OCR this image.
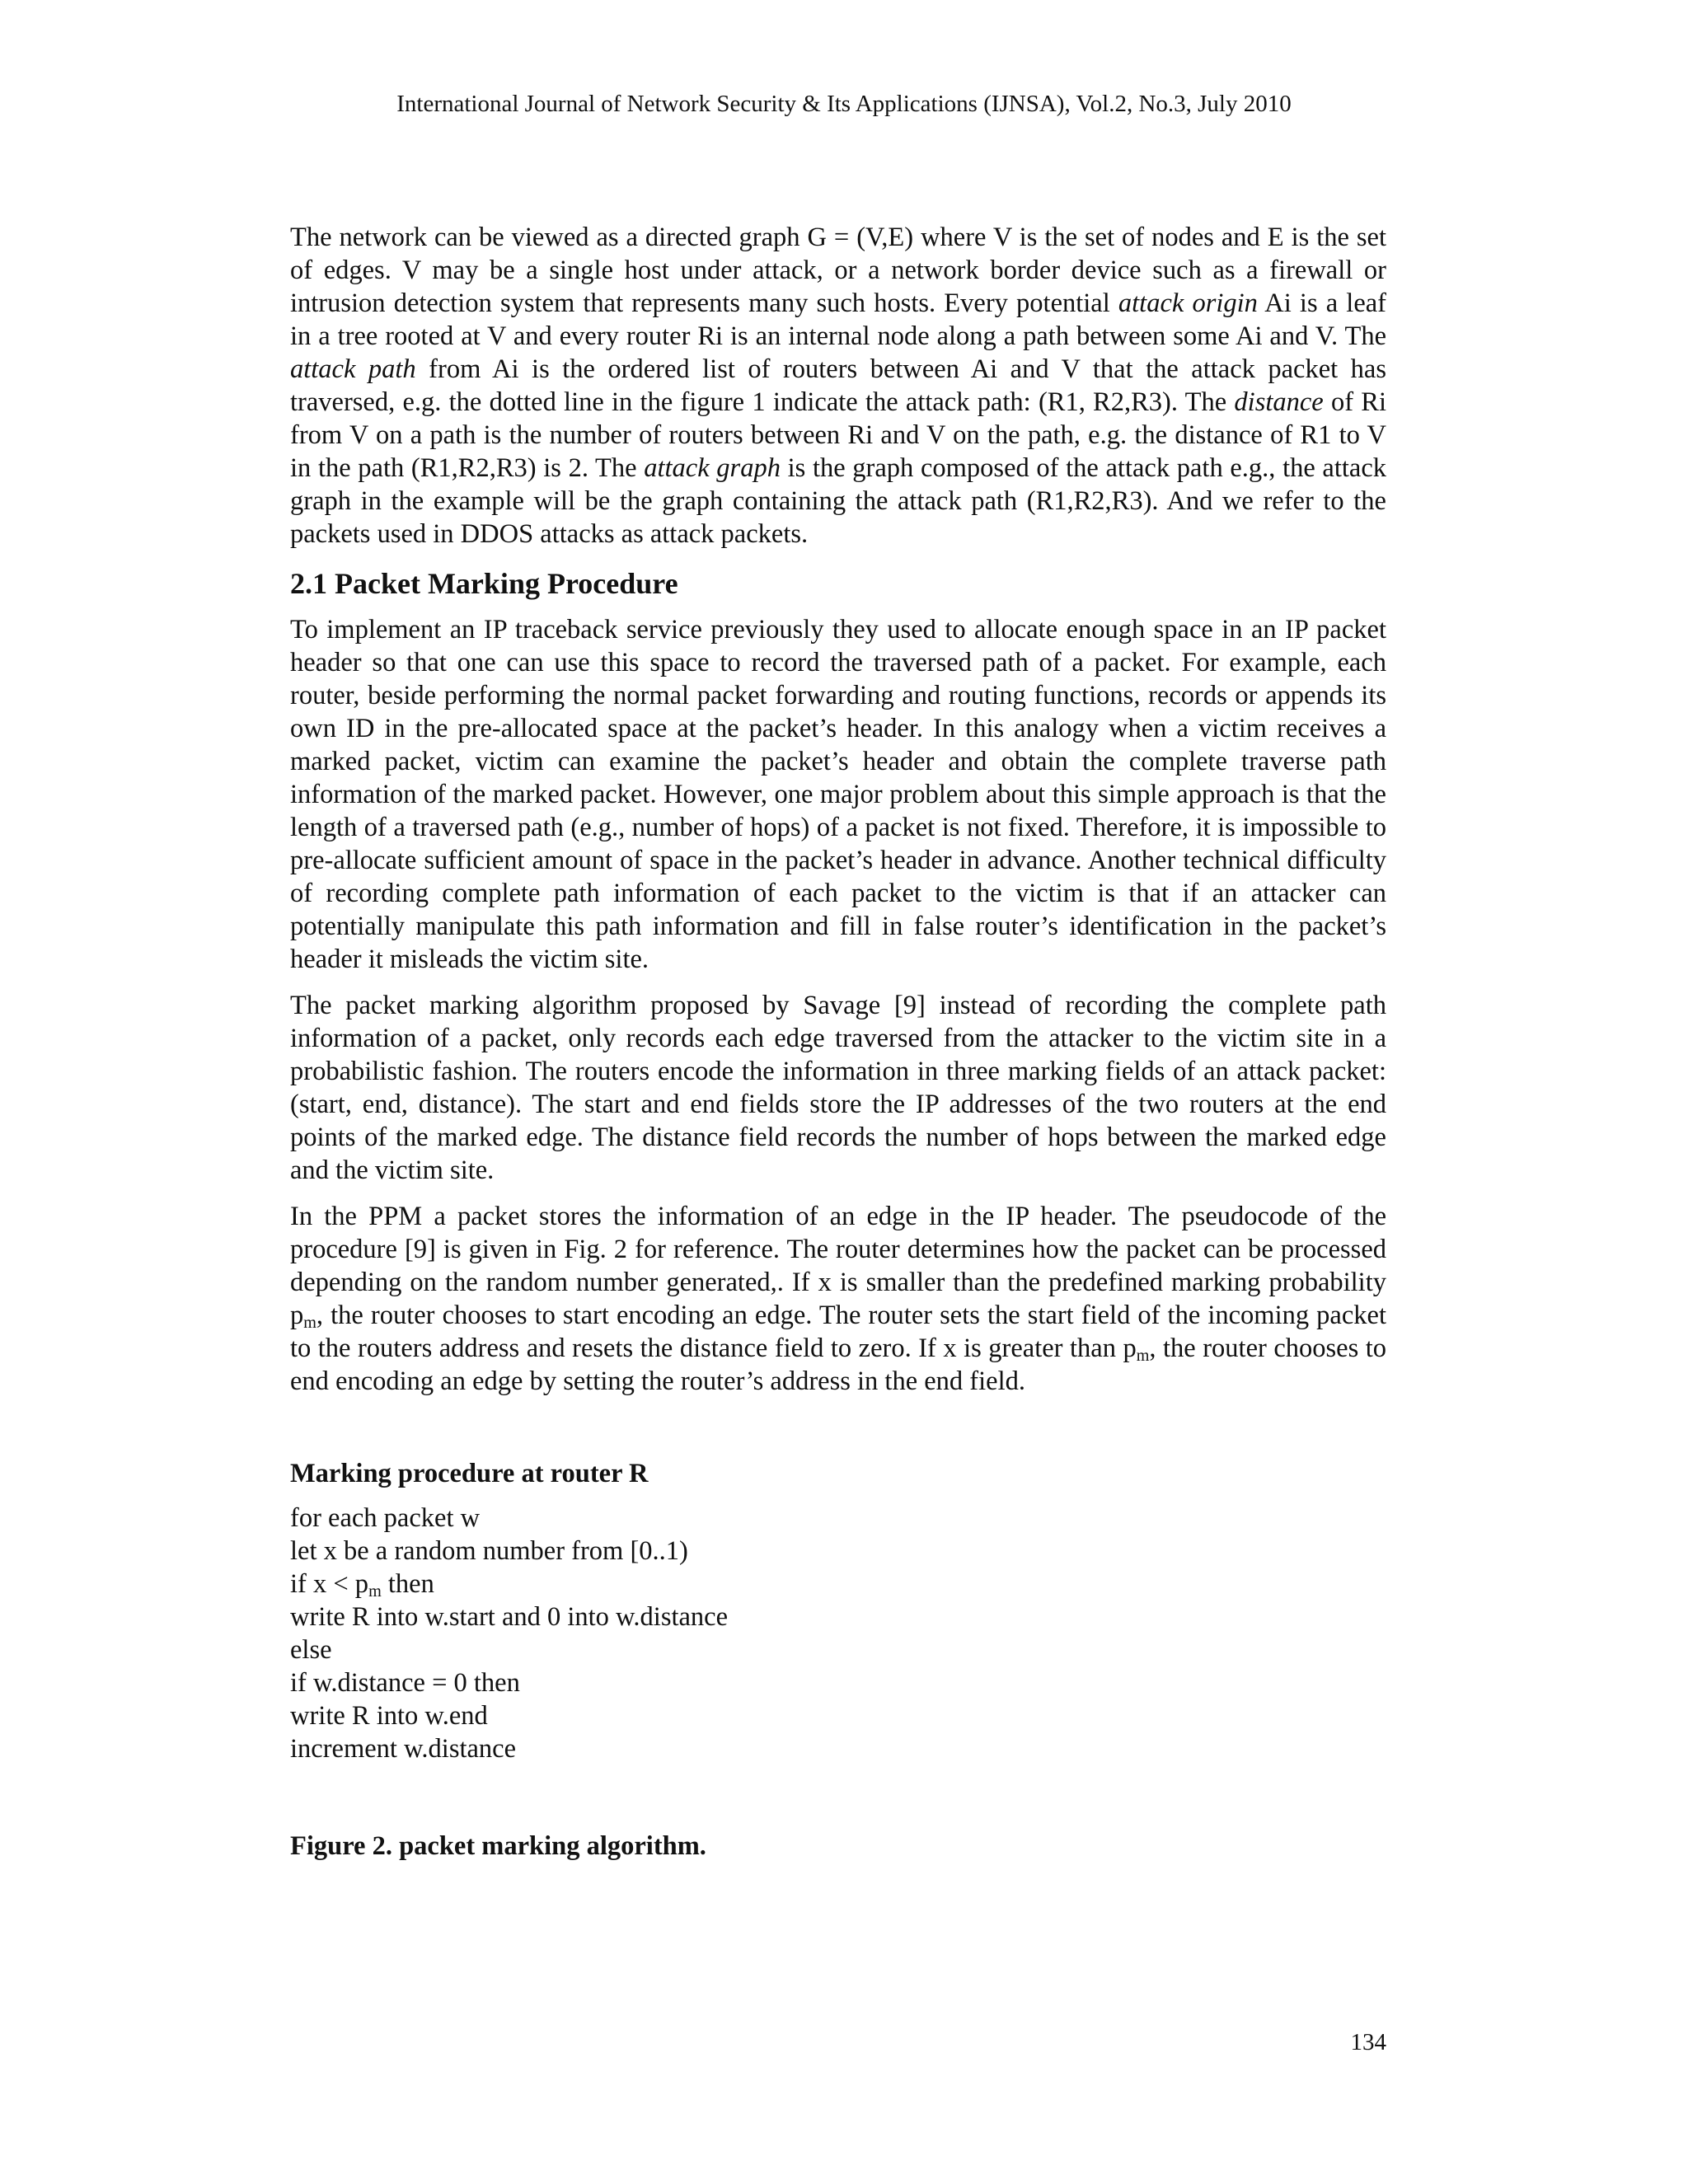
International Journal of Network Security & Its Applications (IJNSA), Vol.2, No.3, July 2010

The network can be viewed as a directed graph G = (V,E) where V is the set of nodes and E is the set of edges. V may be a single host under attack, or a network border device such as a firewall or intrusion detection system that represents many such hosts. Every potential attack origin Ai is a leaf in a tree rooted at V and every router Ri is an internal node along a path between some Ai and V. The attack path from Ai is the ordered list of routers between Ai and V that the attack packet has traversed, e.g. the dotted line in the figure 1 indicate the attack path: (R1, R2,R3). The distance of Ri from V on a path is the number of routers between Ri and V on the path, e.g. the distance of R1 to V in the path (R1,R2,R3) is 2. The attack graph is the graph composed of the attack path e.g., the attack graph in the example will be the graph containing the attack path (R1,R2,R3). And we refer to the packets used in DDOS attacks as attack packets.

2.1 Packet Marking Procedure

To implement an IP traceback service previously they used to allocate enough space in an IP packet header so that one can use this space to record the traversed path of a packet. For example, each router, beside performing the normal packet forwarding and routing functions, records or appends its own ID in the pre-allocated space at the packet’s header. In this analogy when a victim receives a marked packet, victim can examine the packet’s header and obtain the complete traverse path information of the marked packet. However, one major problem about this simple approach is that the length of a traversed path (e.g., number of hops) of a packet is not fixed. Therefore, it is impossible to pre-allocate sufficient amount of space in the packet’s header in advance. Another technical difficulty of recording complete path information of each packet to the victim is that if an attacker can potentially manipulate this path information and fill in false router’s identification in the packet’s header it misleads the victim site.

The packet marking algorithm proposed by Savage [9] instead of recording the complete path information of a packet, only records each edge traversed from the attacker to the victim site in a probabilistic fashion. The routers encode the information in three marking fields of an attack packet: (start, end, distance). The start and end fields store the IP addresses of the two routers at the end points of the marked edge. The distance field records the number of hops between the marked edge and the victim site.

In the PPM a packet stores the information of an edge in the IP header. The pseudocode of the procedure [9] is given in Fig. 2 for reference. The router determines how the packet can be processed depending on the random number generated,. If x is smaller than the predefined marking probability $p_m$, the router chooses to start encoding an edge. The router sets the start field of the incoming packet to the routers address and resets the distance field to zero. If x is greater than $p_m$, the router chooses to end encoding an edge by setting the router’s address in the end field.

Marking procedure at router R
for each packet w
let x be a random number from [0..1)
if $x < p_m$ then
write R into w.start and 0 into w.distance
else
if w.distance = 0 then
write R into w.end
increment w.distance
Figure 2. packet marking algorithm.
134
